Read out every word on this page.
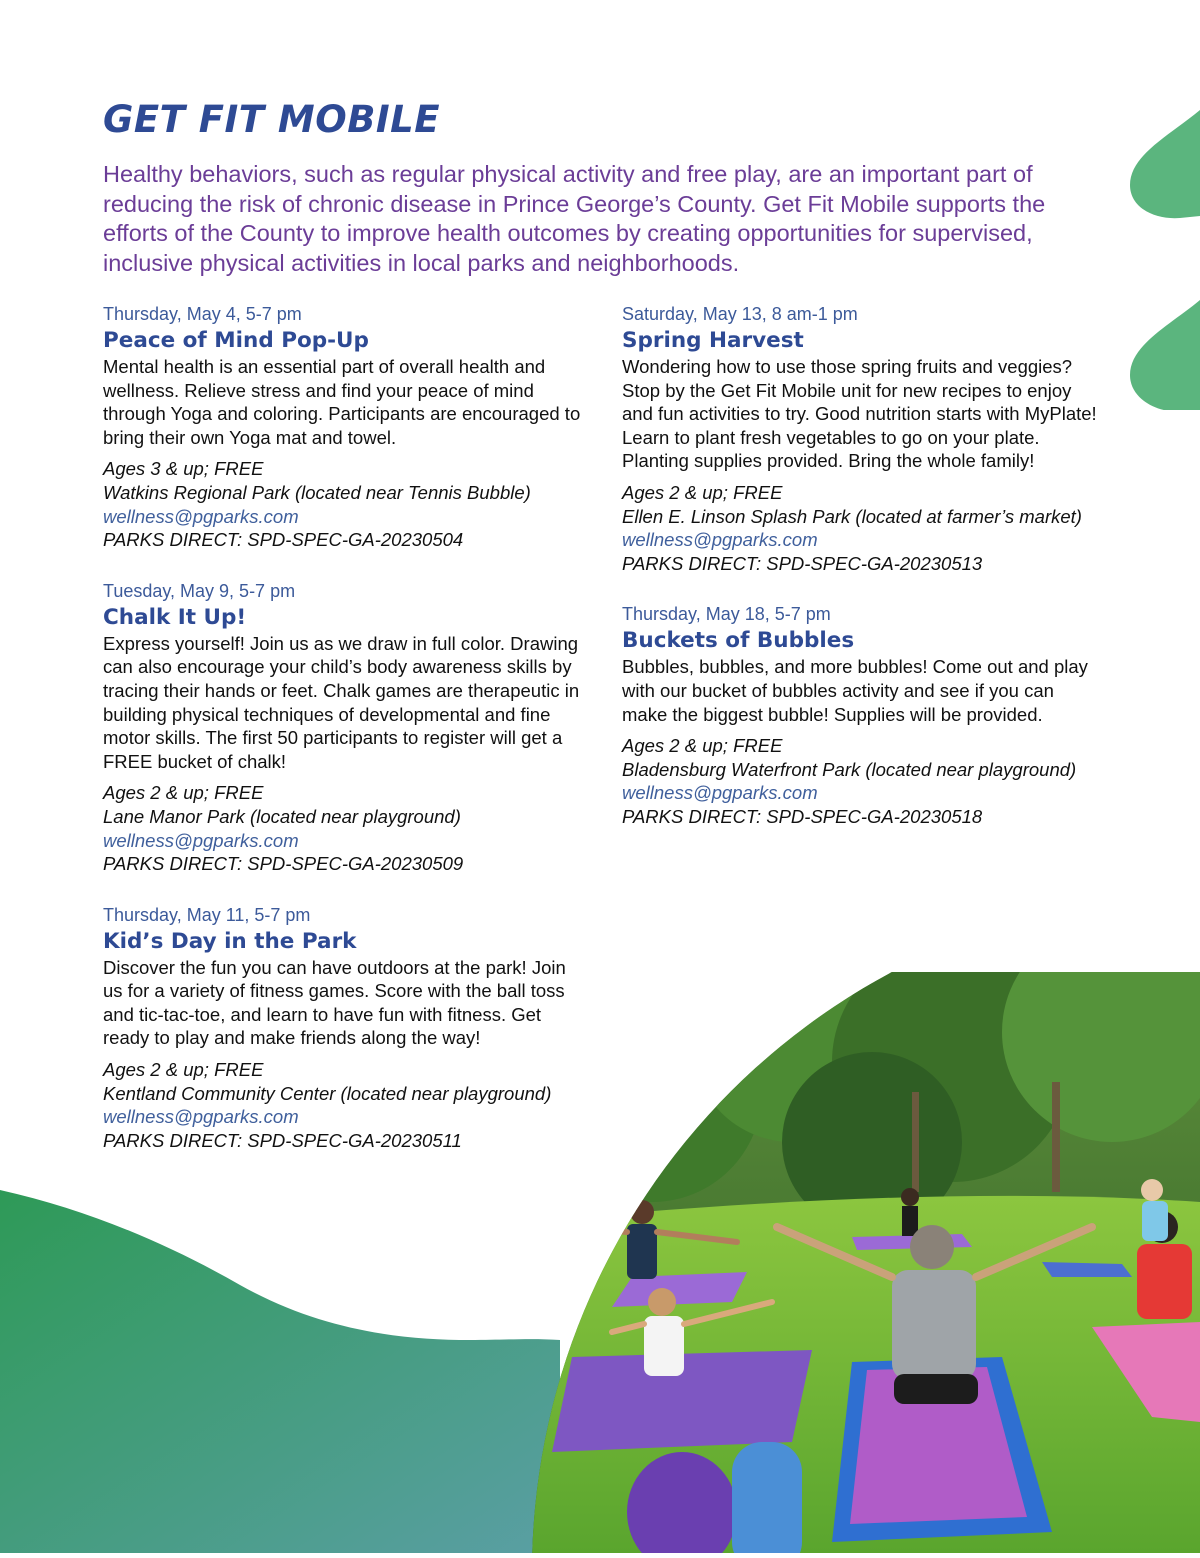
GET FIT MOBILE

Healthy behaviors, such as regular physical activity and free play, are an important part of reducing the risk of chronic disease in Prince George’s County. Get Fit Mobile supports the efforts of the County to improve health outcomes by creating opportunities for supervised, inclusive physical activities in local parks and neighborhoods.

Thursday, May 4, 5-7 pm
Peace of Mind Pop-Up
Mental health is an essential part of overall health and wellness. Relieve stress and find your peace of mind through Yoga and coloring. Participants are encouraged to bring their own Yoga mat and towel.
Ages 3 & up; FREE
Watkins Regional Park (located near Tennis Bubble)
wellness@pgparks.com
PARKS DIRECT: SPD-SPEC-GA-20230504
Tuesday, May 9, 5-7 pm
Chalk It Up!
Express yourself! Join us as we draw in full color. Drawing can also encourage your child’s body awareness skills by tracing their hands or feet. Chalk games are therapeutic in building physical techniques of developmental and fine motor skills. The first 50 participants to register will get a FREE bucket of chalk!
Ages 2 & up; FREE
Lane Manor Park (located near playground)
wellness@pgparks.com
PARKS DIRECT: SPD-SPEC-GA-20230509
Thursday, May 11, 5-7 pm
Kid’s Day in the Park
Discover the fun you can have outdoors at the park! Join us for a variety of fitness games. Score with the ball toss and tic-tac-toe, and learn to have fun with fitness. Get ready to play and make friends along the way!
Ages 2 & up; FREE
Kentland Community Center (located near playground)
wellness@pgparks.com
PARKS DIRECT: SPD-SPEC-GA-20230511
Saturday, May 13, 8 am-1 pm
Spring Harvest
Wondering how to use those spring fruits and veggies? Stop by the Get Fit Mobile unit for new recipes to enjoy and fun activities to try. Good nutrition starts with MyPlate! Learn to plant fresh vegetables to go on your plate. Planting supplies provided. Bring the whole family!
Ages 2 & up; FREE
Ellen E. Linson Splash Park (located at farmer’s market)
wellness@pgparks.com
PARKS DIRECT: SPD-SPEC-GA-20230513
Thursday, May 18, 5-7 pm
Buckets of Bubbles
Bubbles, bubbles, and more bubbles! Come out and play with our bucket of bubbles activity and see if you can make the biggest bubble! Supplies will be provided.
Ages 2 & up; FREE
Bladensburg Waterfront Park (located near playground)
wellness@pgparks.com
PARKS DIRECT: SPD-SPEC-GA-20230518
